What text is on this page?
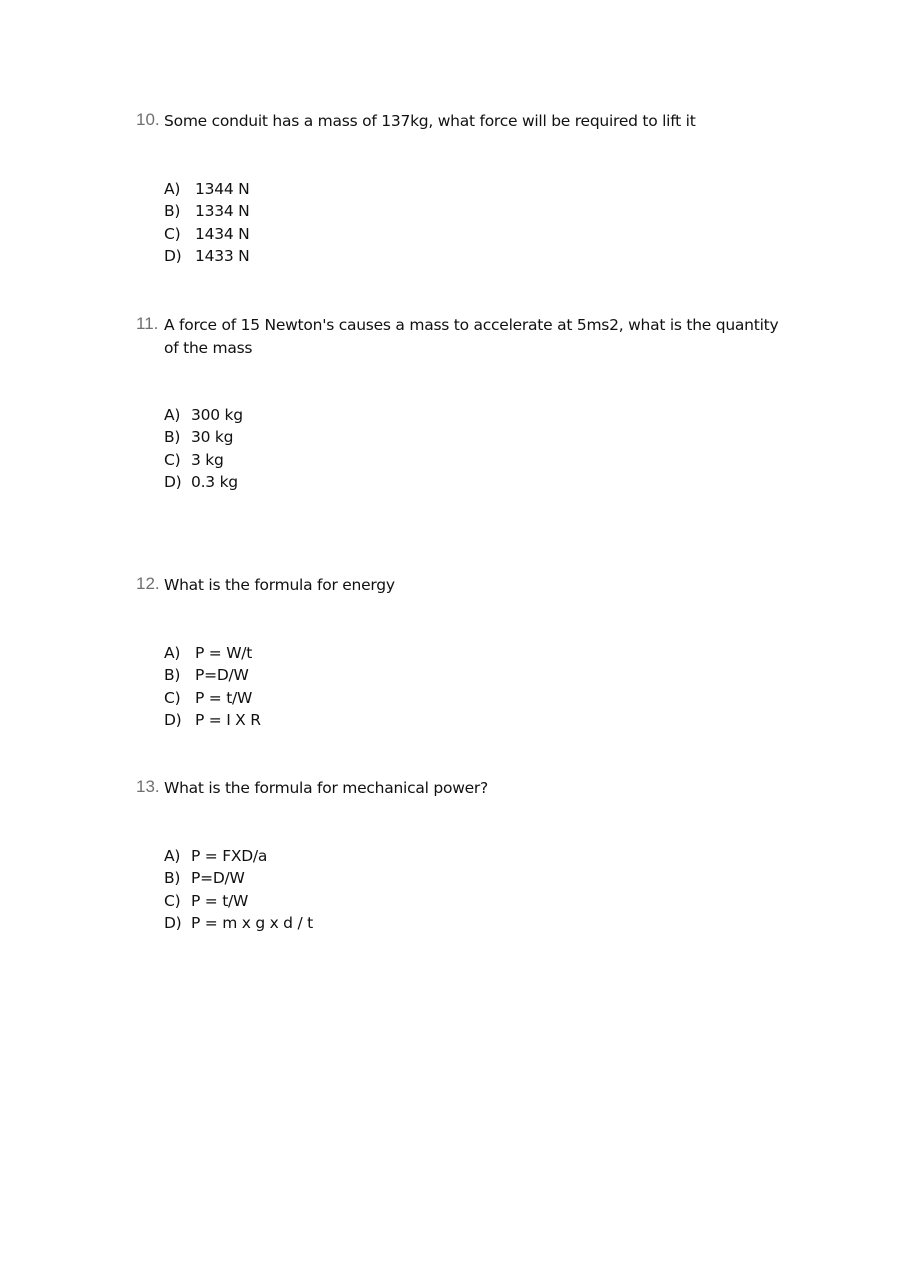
10. Some conduit has a mass of 137kg, what force will be required to lift it
A) 1344 N
B) 1334 N
C) 1434 N
D) 1433 N
11. A force of 15 Newton's causes a mass to accelerate at 5ms2, what is the quantity of the mass
A) 300 kg
B) 30 kg
C) 3 kg
D) 0.3 kg
12. What is the formula for energy
A) P = W/t
B) P=D/W
C) P = t/W
D) P = I X R
13. What is the formula for mechanical power?
A) P = FXD/a
B) P=D/W
C) P = t/W
D) P = m x g x d / t
